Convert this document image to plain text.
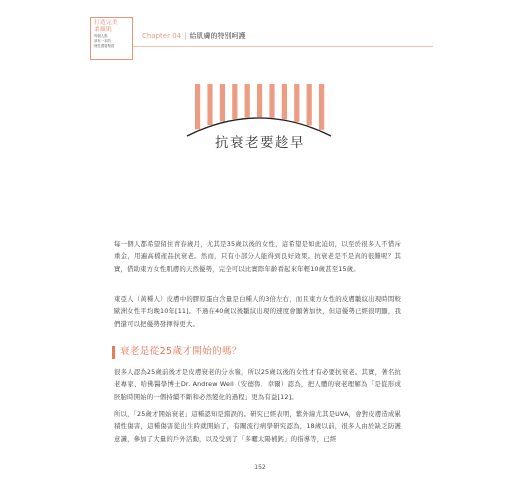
打造完美
柔顏肌
每個人都
該有一本的
理性護膚聖經
Chapter 04 | 給肌膚的特別呵護
抗衰老要趁早
每一個人都希望留住青春歲月，尤其是35歲以後的女性，這希望是如此迫切，以至於很多人不惜斥重金，用遍高檔產品抗衰老。然而，只有小部分人能得到良好效果。抗衰老是不是真的很難呢？其實，借助東方女性肌膚的天然優勢，完全可以比實際年齡看起來年輕10歲甚至15歲。
東亞人（黃種人）皮膚中的膠原蛋白含量是白種人的3倍左右，而且東方女性的皮膚皺紋出現時間較歐洲女性平均晚10年[11]。不過在40歲以後皺紋出現的速度會顯著加快，但這優勢已經很明顯，我們還可以把優勢發揮得更大。
衰老是從25歲才開始的嗎？
很多人認為25歲前後才是皮膚衰老的分水嶺，所以25歲以後的女性才有必要抗衰老。其實，著名抗老專家、哈佛醫學博士Dr. Andrew Weil（安德魯．韋爾）認為，把人體的衰老理解為「是從形成胚胎時開始的一個持續不斷和必然變化的過程」更為有益[12]。
所以，「25歲才開始衰老」這種認知是錯誤的。研究已經表明，紫外線尤其是UVA，會對皮膚造成累積性傷害，這種傷害從出生時就開始了，有關流行病學研究認為，18歲以前，很多人由於缺乏防護意識，參加了大量的戶外活動，以及受到了「多曬太陽補鈣」的指導等，已經
152
